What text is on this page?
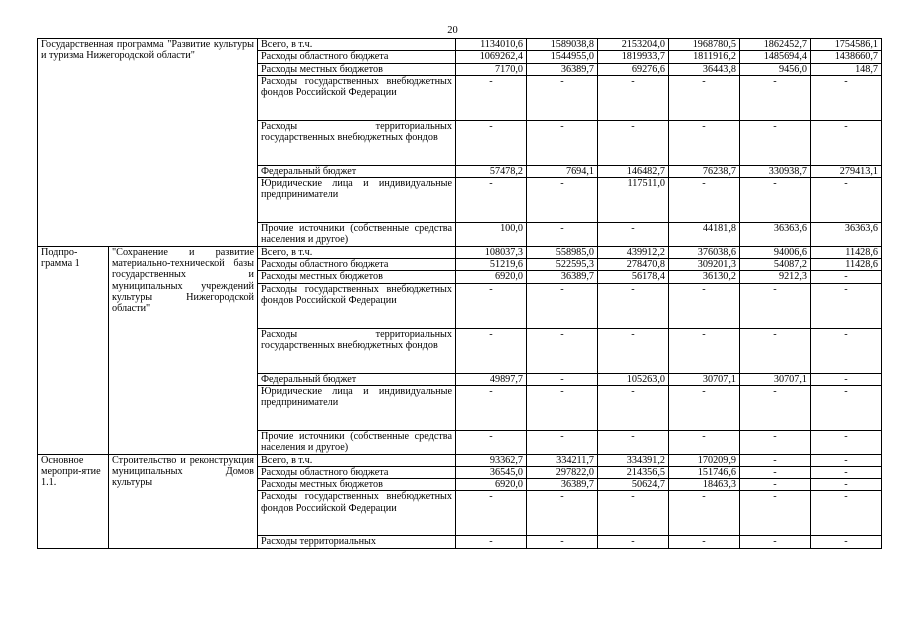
20
Государственная программа "Развитие культуры и туризма Нижегородской области"		Всего, в т.ч.	1134010,6	1589038,8	2153204,0	1968780,5	1862452,7	1754586,1
		Расходы областного бюджета	1069262,4	1544955,0	1819933,7	1811916,2	1485694,4	1438660,7
		Расходы местных бюджетов	7170,0	36389,7	69276,6	36443,8	9456,0	148,7
		Расходы государственных внебюджетных фондов Российской Федерации	-	-	-	-	-	-
		Расходы территориальных государственных внебюджетных фондов	-	-	-	-	-	-
		Федеральный бюджет	57478,2	7694,1	146482,7	76238,7	330938,7	279413,1
		Юридические лица и индивидуальные предприниматели	-	-	117511,0	-	-	-
		Прочие источники (собственные средства населения и другое)	100,0	-	-	44181,8	36363,6	36363,6
Подпро-грамма 1	"Сохранение и развитие материально-технической базы государственных и муниципальных учреждений культуры Нижегородской области"	Всего, в т.ч.	108037,3	558985,0	439912,2	376038,6	94006,6	11428,6
		Расходы областного бюджета	51219,6	522595,3	278470,8	309201,3	54087,2	11428,6
		Расходы местных бюджетов	6920,0	36389,7	56178,4	36130,2	9212,3	-
		Расходы государственных внебюджетных фондов Российской Федерации	-	-	-	-	-	-
		Расходы территориальных государственных внебюджетных фондов	-	-	-	-	-	-
		Федеральный бюджет	49897,7	-	105263,0	30707,1	30707,1	-
		Юридические лица и индивидуальные предприниматели	-	-	-	-	-	-
		Прочие источники (собственные средства населения и другое)	-	-	-	-	-	-
Основное меропри-ятие 1.1.	Строительство и реконструкция муниципальных Домов культуры	Всего, в т.ч.	93362,7	334211,7	334391,2	170209,9	-	-
		Расходы областного бюджета	36545,0	297822,0	214356,5	151746,6	-	-
		Расходы местных бюджетов	6920,0	36389,7	50624,7	18463,3	-	-
		Расходы государственных внебюджетных фондов Российской Федерации	-	-	-	-	-	-
		Расходы территориальных	-	-	-	-	-	-
